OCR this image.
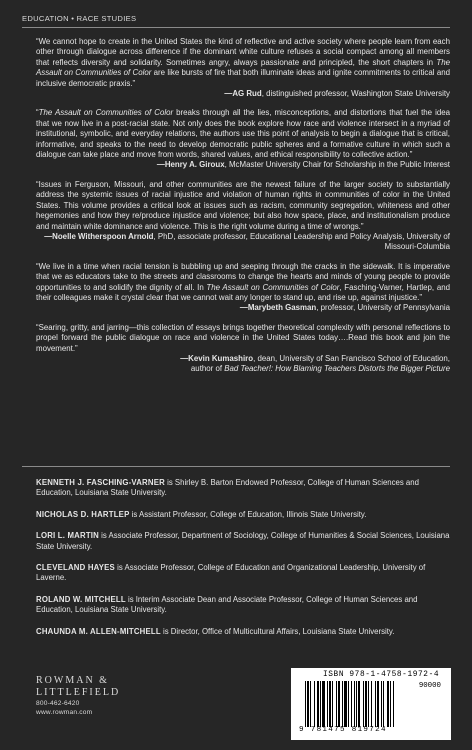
EDUCATION • RACE STUDIES

“We cannot hope to create in the United States the kind of reflective and active society where people learn from each other through dialogue across difference if the dominant white culture refuses a social compact among all members that reflects diversity and solidarity. Sometimes angry, always passionate and principled, the short chapters in The Assault on Communities of Color are like bursts of fire that both illuminate ideas and ignite commitments to critical and inclusive democratic praxis.”
—AG Rud, distinguished professor, Washington State University

“The Assault on Communities of Color breaks through all the lies, misconceptions, and distortions that fuel the idea that we now live in a post-racial state. Not only does the book explore how race and violence intersect in a myriad of institutional, symbolic, and everyday relations, the authors use this point of analysis to begin a dialogue that is critical, informative, and speaks to the need to develop democratic public spheres and a formative culture in which such a dialogue can take place and move from words, shared values, and ethical responsibility to collective action.”
—Henry A. Giroux, McMaster University Chair for Scholarship in the Public Interest

“Issues in Ferguson, Missouri, and other communities are the newest failure of the larger society to substantially address the systemic issues of racial injustice and violation of human rights in communities of color in the United States. This volume provides a critical look at issues such as racism, community segregation, whiteness and other hegemonies and how they re/produce injustice and violence; but also how space, place, and institutionalism produce and maintain white dominance and violence. This is the right volume during a time of wrongs.”
—Noelle Witherspoon Arnold, PhD, associate professor, Educational Leadership and Policy Analysis, University of Missouri-Columbia

“We live in a time when racial tension is bubbling up and seeping through the cracks in the sidewalk. It is imperative that we as educators take to the streets and classrooms to change the hearts and minds of young people to provide opportunities to and solidify the dignity of all. In The Assault on Communities of Color, Fasching-Varner, Hartlep, and their colleagues make it crystal clear that we cannot wait any longer to stand up, and rise up, against injustice.”
—Marybeth Gasman, professor, University of Pennsylvania

“Searing, gritty, and jarring—this collection of essays brings together theoretical complexity with personal reflections to propel forward the public dialogue on race and violence in the United States today….Read this book and join the movement.”
—Kevin Kumashiro, dean, University of San Francisco School of Education,
author of Bad Teacher!: How Blaming Teachers Distorts the Bigger Picture

KENNETH J. FASCHING-VARNER is Shirley B. Barton Endowed Professor, College of Human Sciences and Education, Louisiana State University.

NICHOLAS D. HARTLEP is Assistant Professor, College of Education, Illinois State University.

LORI L. MARTIN is Associate Professor, Department of Sociology, College of Humanities & Social Sciences, Louisiana State University.

CLEVELAND HAYES is Associate Professor, College of Education and Organizational Leadership, University of Laverne.

ROLAND W. MITCHELL is Interim Associate Dean and Associate Professor, College of Human Sciences and Education, Louisiana State University.

CHAUNDA M. ALLEN-MITCHELL is Director, Office of Multicultural Affairs, Louisiana State University.

ROWMAN &
LITTLEFIELD
800-462-6420
www.rowman.com
ISBN 978-1-4758-1972-4
90000
9 781475 819724
